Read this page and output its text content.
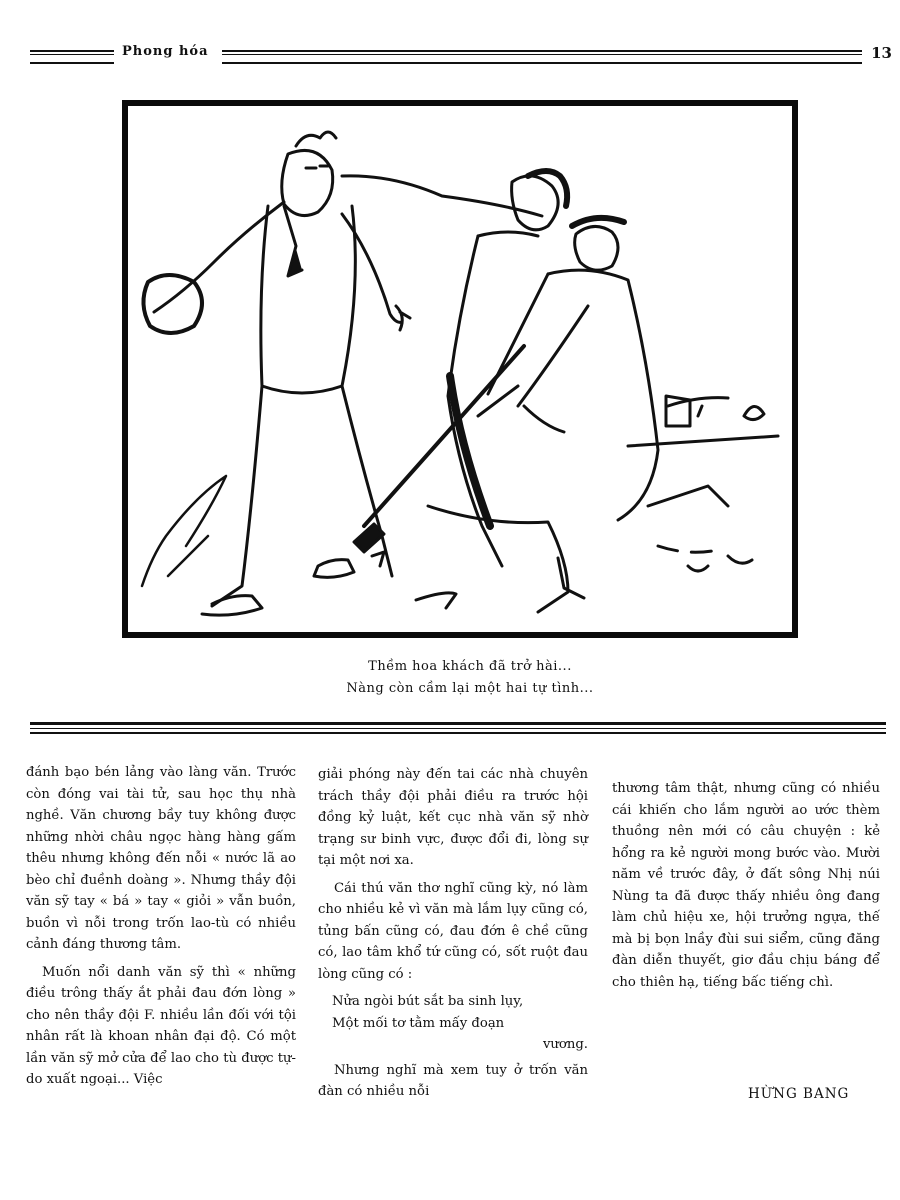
Phong hóa	13
Thềm hoa khách đã trở hài...
Nàng còn cầm lại một hai tự tình...

đánh bạo bén lảng vào làng văn. Trước còn đóng vai tài tử, sau học thụ nhà nghề. Văn chương bầy tuy không được những nhời châu ngọc hàng hàng gấm thêu nhưng không đến nỗi « nước lã ao bèo chỉ đuềnh doàng ». Nhưng thầy đội văn sỹ tay « bá » tay « giỏi » vẫn buồn, buồn vì nỗi trong trốn lao-tù có nhiều cảnh đáng thương tâm.

Muốn nổi danh văn sỹ thì « những điều trông thấy ắt phải đau đớn lòng » cho nên thầy đội F. nhiều lần đối với tội nhân rất là khoan nhân đại độ. Có một lần văn sỹ mở cửa để lao cho tù được tự-do xuất ngoại... Việc

giải phóng này đến tai các nhà chuyên trách thầy đội phải điều ra trước hội đồng kỷ luật, kết cục nhà văn sỹ nhờ trạng sư binh vực, được đổi đi, lòng sự tại một nơi xa.

Cái thú văn thơ nghĩ cũng kỳ, nó làm cho nhiều kẻ vì văn mà lắm lụy cũng có, tủng bấn cũng có, đau đớn ê chề cũng có, lao tâm khổ tứ cũng có, sốt ruột đau lòng cũng có :

Nửa ngòi bút sắt ba sinh lụy,

Một mối tơ tằm mấy đoạn

vương.

Nhưng nghĩ mà xem tuy ở trốn văn đàn có nhiều nỗi

thương tâm thật, nhưng cũng có nhiều cái khiến cho lắm người ao ước thèm thuồng nên mới có câu chuyện : kẻ hổng ra kẻ người mong bước vào. Mười năm về trước đây, ở đất sông Nhị núi Nùng ta đã được thấy nhiều ông đang làm chủ hiệu xe, hội trưởng ngựa, thế mà bị bọn lnầy đùi sui siểm, cũng đăng đàn diễn thuyết, giơ đầu chịu báng để cho thiên hạ, tiếng bấc tiếng chì.

HỪNG BANG
